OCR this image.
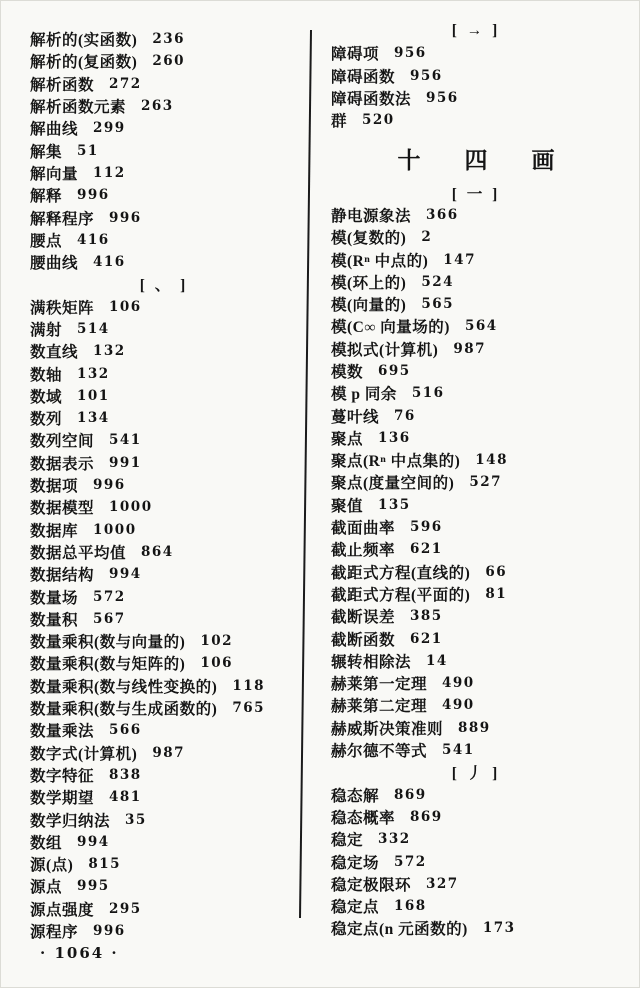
解析的(实函数) 236
解析的(复函数) 260
解析函数 272
解析函数元素 263
解曲线 299
解集 51
解向量 112
解释 996
解释程序 996
腰点 416
腰曲线 416
[ 、 ]
满秩矩阵 106
满射 514
数直线 132
数轴 132
数域 101
数列 134
数列空间 541
数据表示 991
数据项 996
数据模型 1000
数据库 1000
数据总平均值 864
数据结构 994
数量场 572
数量积 567
数量乘积(数与向量的) 102
数量乘积(数与矩阵的) 106
数量乘积(数与线性变换的) 118
数量乘积(数与生成函数的) 765
数量乘法 566
数字式(计算机) 987
数字特征 838
数学期望 481
数学归纳法 35
数组 994
源(点) 815
源点 995
源点强度 295
源程序 996
[ → ]
障碍项 956
障碍函数 956
障碍函数法 956
群 520
十 四 画
[ 一 ]
静电源象法 366
模(复数的) 2
模(Rⁿ 中点的) 147
模(环上的) 524
模(向量的) 565
模(C∞ 向量场的) 564
模拟式(计算机) 987
模数 695
模 p 同余 516
蔓叶线 76
聚点 136
聚点(Rⁿ 中点集的) 148
聚点(度量空间的) 527
聚值 135
截面曲率 596
截止频率 621
截距式方程(直线的) 66
截距式方程(平面的) 81
截断误差 385
截断函数 621
辗转相除法 14
赫莱第一定理 490
赫莱第二定理 490
赫威斯决策准则 889
赫尔德不等式 541
[ 丿 ]
稳态解 869
稳态概率 869
稳定 332
稳定场 572
稳定极限环 327
稳定点 168
稳定点(n 元函数的) 173
· 1064 ·
